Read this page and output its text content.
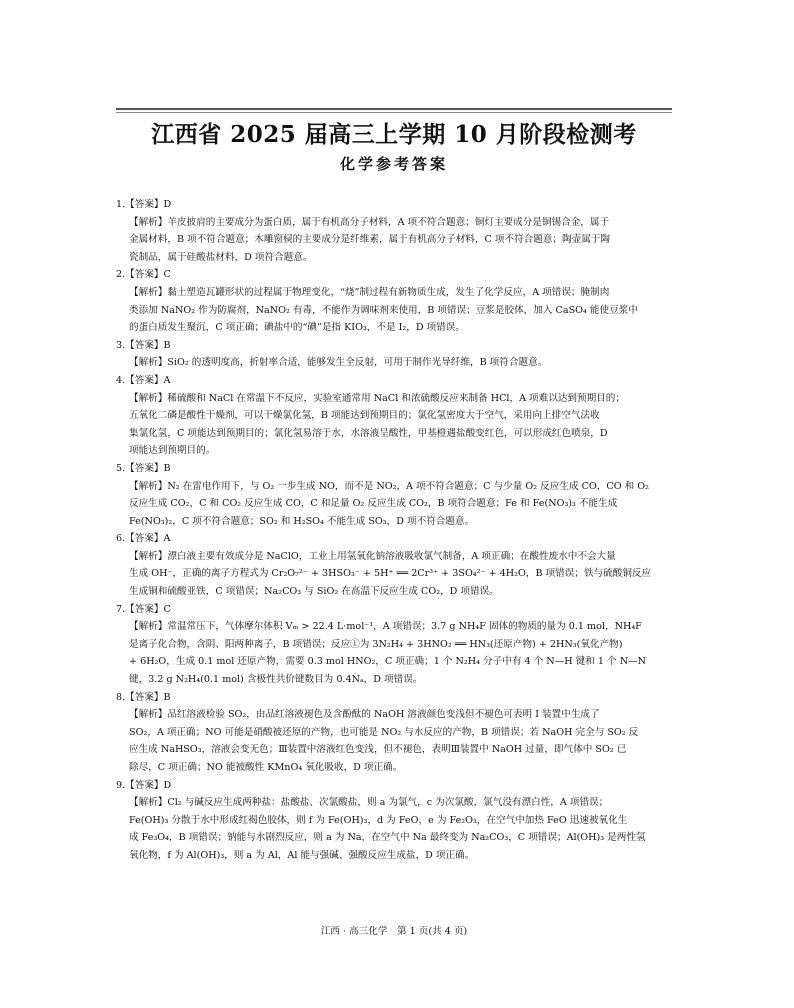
江西省 2025 届高三上学期 10 月阶段检测考
化学参考答案
1.【答案】D
【解析】羊皮披肩的主要成分为蛋白质，属于有机高分子材料，A 项不符合题意；铜灯主要成分是铜锡合金，属于
金属材料，B 项不符合题意；木雕窗棂的主要成分是纤维素，属于有机高分子材料，C 项不符合题意；陶壶属于陶
瓷制品，属于硅酸盐材料，D 项符合题意。
2.【答案】C
【解析】黏土塑造瓦罐形状的过程属于物理变化，“烧”制过程有新物质生成，发生了化学反应，A 项错误；腌制肉
类添加 NaNO₂ 作为防腐剂，NaNO₂ 有毒，不能作为调味剂来使用，B 项错误；豆浆是胶体，加入 CaSO₄ 能使豆浆中
的蛋白质发生聚沉，C 项正确；碘盐中的“碘”是指 KIO₃，不是 I₂，D 项错误。
3.【答案】B
【解析】SiO₂ 的透明度高，折射率合适，能够发生全反射，可用于制作光导纤维，B 项符合题意。
4.【答案】A
【解析】稀硫酸和 NaCl 在常温下不反应，实验室通常用 NaCl 和浓硫酸反应来制备 HCl，A 项难以达到预期目的；
五氧化二磷是酸性干燥剂，可以干燥氯化氢，B 项能达到预期目的；氯化氢密度大于空气，采用向上排空气法收
集氯化氢，C 项能达到预期目的；氯化氢易溶于水，水溶液呈酸性，甲基橙遇盐酸变红色，可以形成红色喷泉，D
项能达到预期目的。
5.【答案】B
【解析】N₂ 在雷电作用下，与 O₂ 一步生成 NO，而不是 NO₂，A 项不符合题意；C 与少量 O₂ 反应生成 CO，CO 和 O₂
反应生成 CO₂，C 和 CO₂ 反应生成 CO，C 和足量 O₂ 反应生成 CO₂，B 项符合题意；Fe 和 Fe(NO₃)₃ 不能生成
Fe(NO₃)₂，C 项不符合题意；SO₂ 和 H₂SO₄ 不能生成 SO₃，D 项不符合题意。
6.【答案】A
【解析】漂白液主要有效成分是 NaClO，工业上用氢氧化钠溶液吸收氯气制备，A 项正确；在酸性废水中不会大量
生成 OH⁻，正确的离子方程式为 Cr₂O₇²⁻ + 3HSO₃⁻ + 5H⁺ ══ 2Cr³⁺ + 3SO₄²⁻ + 4H₂O，B 项错误；铁与硫酸铜反应
生成铜和硫酸亚铁，C 项错误；Na₂CO₃ 与 SiO₂ 在高温下反应生成 CO₂，D 项错误。
7.【答案】C
【解析】常温常压下，气体摩尔体积 Vₘ > 22.4 L·mol⁻¹，A 项错误；3.7 g NH₄F 固体的物质的量为 0.1 mol，NH₄F
是离子化合物，含阴、阳两种离子，B 项错误；反应①为 3N₂H₄ + 3HNO₂ ══ HN₃(还原产物) + 2HN₃(氧化产物)
+ 6H₂O，生成 0.1 mol 还原产物，需要 0.3 mol HNO₂，C 项正确；1 个 N₂H₄ 分子中有 4 个 N—H 键和 1 个 N—N
键，3.2 g N₂H₄(0.1 mol) 含极性共价键数目为 0.4Nₐ，D 项错误。
8.【答案】B
【解析】品红溶液检验 SO₂，由品红溶液褪色及含酚酞的 NaOH 溶液颜色变浅但不褪色可表明 Ⅰ 装置中生成了
SO₂，A 项正确；NO 可能是硝酸被还原的产物，也可能是 NO₂ 与水反应的产物，B 项错误；若 NaOH 完全与 SO₂ 反
应生成 NaHSO₃，溶液会变无色；Ⅲ装置中溶液红色变浅，但不褪色，表明Ⅲ装置中 NaOH 过量，即气体中 SO₂ 已
除尽，C 项正确；NO 能被酸性 KMnO₄ 氧化吸收，D 项正确。
9.【答案】D
【解析】Cl₂ 与碱反应生成两种盐：盐酸盐、次氯酸盐，则 a 为氯气，c 为次氯酸，氯气没有漂白性，A 项错误；
Fe(OH)₃ 分散于水中形成红褐色胶体，则 f 为 Fe(OH)₃，d 为 FeO，e 为 Fe₂O₃，在空气中加热 FeO 迅速被氧化生
成 Fe₃O₄，B 项错误；钠能与水剧烈反应，则 a 为 Na，在空气中 Na 最终变为 Na₂CO₃，C 项错误；Al(OH)₃ 是两性氢
氧化物，f 为 Al(OH)₃，则 a 为 Al，Al 能与强碱、强酸反应生成盐，D 项正确。
江西 · 高三化学　第 1 页(共 4 页)
